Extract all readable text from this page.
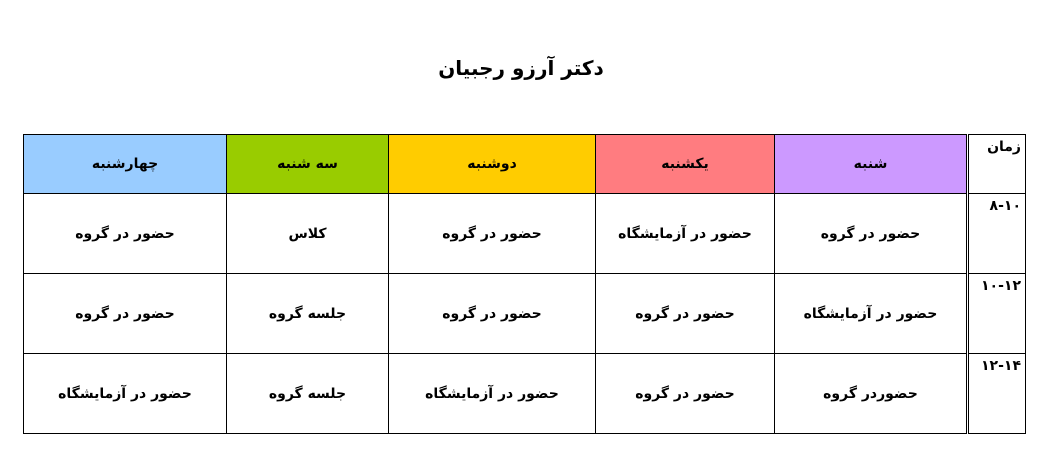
دکتر آرزو رجبیان
چهارشنبه	سه شنبه	دوشنبه	یکشنبه	شنبه		زمان
حضور در گروه	کلاس	حضور در گروه	حضور در آزمایشگاه	حضور در گروه		۸-۱۰
حضور در گروه	جلسه گروه	حضور در گروه	حضور در گروه	حضور در آزمایشگاه		۱۰-۱۲
حضور در آزمایشگاه	جلسه گروه	حضور در آزمایشگاه	حضور در گروه	حضوردر گروه		۱۲-۱۴
